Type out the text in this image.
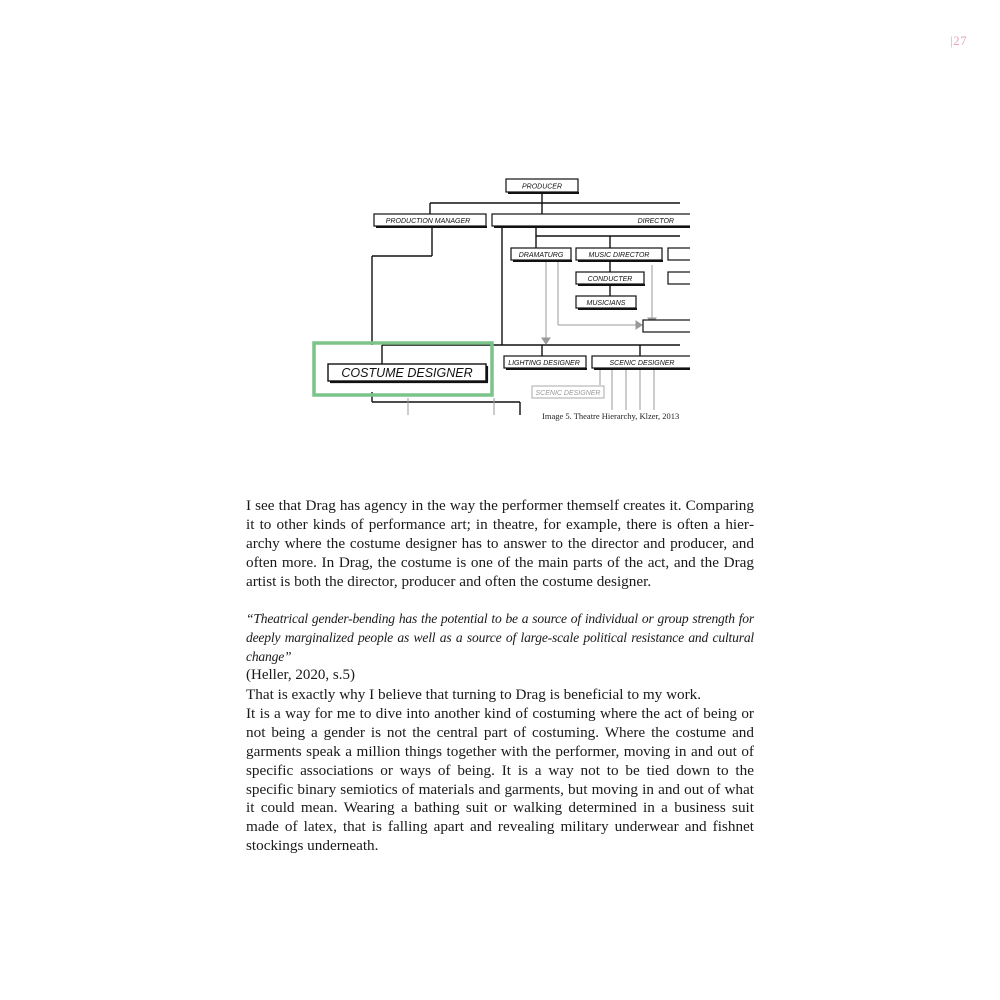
|27
PRODUCER
PRODUCTION MANAGER	DIRECTOR
DRAMATURG	MUSIC DIRECTOR
CONDUCTER
MUSICIANS
LIGHTING DESIGNER	SCENIC DESIGNER
SCENIC DESIGNER
COSTUME DESIGNER
Image 5. Theatre Hierarchy, Klzer, 2013

I see that Drag has agency in the way the performer themself creates it. Comparing it to other kinds of performance art; in theatre, for example, there is often a hierarchy where the costume designer has to answer to the director and producer, and often more. In Drag, the costume is one of the main parts of the act, and the Drag artist is both the director, producer and often the costume designer.

“Theatrical gender-bending has the potential to be a source of individual or group strength for deeply marginalized people as well as a source of large-scale political resistance and cultural change”
(Heller, 2020, s.5)
That is exactly why I believe that turning to Drag is beneficial to my work.
It is a way for me to dive into another kind of costuming where the act of being or not being a gender is not the central part of costuming. Where the costume and garments speak a million things together with the performer, moving in and out of specific associations or ways of being. It is a way not to be tied down to the specific binary semiotics of materials and garments, but moving in and out of what it could mean. Wearing a bathing suit or walking determined in a business suit made of latex, that is falling apart and revealing military underwear and fishnet stockings underneath.
